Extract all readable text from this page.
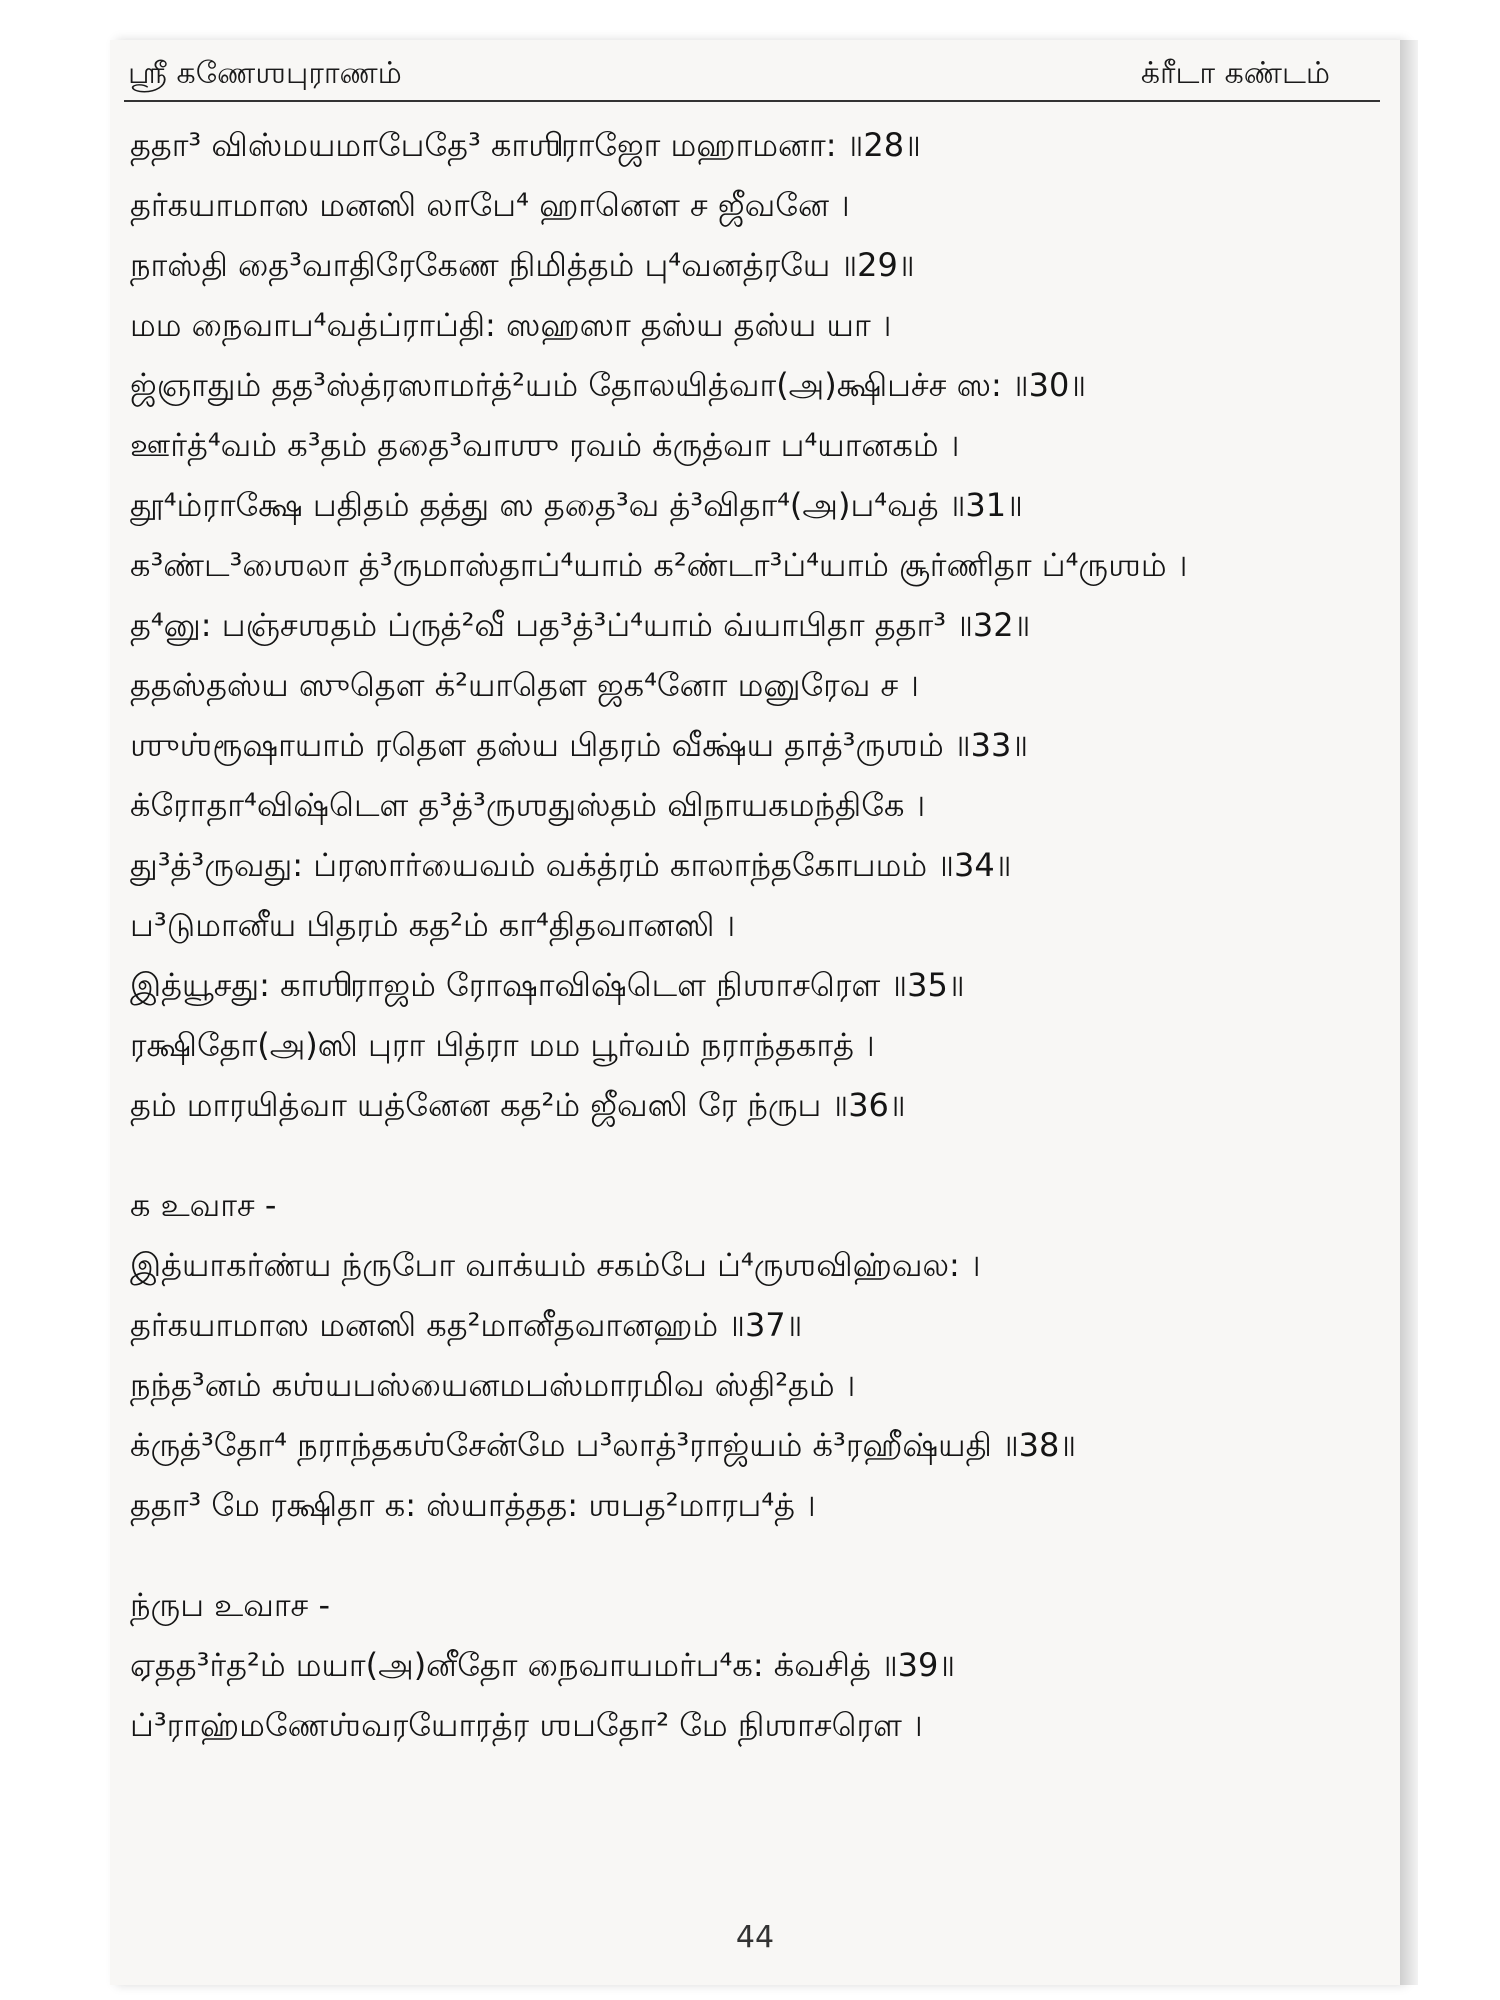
ஸ்ரீ கணேஶபுராணம்	க்ரீடா கண்டம்
ததா³ விஸ்மயமாபேதே³ காஶிராஜோ மஹாமனா꞉ ॥28॥
தர்கயாமாஸ மனஸி லாபே⁴ ஹானௌ ச ஜீவனே ।
நாஸ்தி தை³வாதிரேகேண நிமித்தம் பு⁴வனத்ரயே ॥29॥
மம நைவாப⁴வத்ப்ராப்தி꞉ ஸஹஸா தஸ்ய தஸ்ய யா ।
ஜ்ஞாதும் தத³ஸ்த்ரஸாமர்த்²யம் தோலயித்வா(அ)க்ஷிபச்ச ஸ꞉ ॥30॥
ஊர்த்⁴வம் க³தம் ததை³வாஶு ரவம் க்ருத்வா ப⁴யானகம் ।
தூ⁴ம்ராக்ஷே பதிதம் தத்து ஸ ததை³வ த்³விதா⁴(அ)ப⁴வத் ॥31॥
க³ண்ட³ஶைலா த்³ருமாஸ்தாப்⁴யாம் க²ண்டா³ப்⁴யாம் சூர்ணிதா ப்⁴ருஶம் ।
த⁴னு꞉ பஞ்சஶதம் ப்ருத்²வீ பத³த்³ப்⁴யாம் வ்யாபிதா ததா³ ॥32॥
ததஸ்தஸ்ய ஸுதௌ க்²யாதௌ ஜக⁴னோ மனுரேவ ச ।
ஶுஶ்ரூஷாயாம் ரதௌ தஸ்ய பிதரம் வீக்ஷ்ய தாத்³ருஶம் ॥33॥
க்ரோதா⁴விஷ்டௌ த³த்³ருஶதுஸ்தம் விநாயகமந்திகே ।
து³த்³ருவது꞉ ப்ரஸார்யைவம் வக்த்ரம் காலாந்தகோபமம் ॥34॥
ப³டுமானீய பிதரம் கத²ம் கா⁴திதவானஸி ।
இத்யூசது꞉ காஶிராஜம் ரோஷாவிஷ்டௌ நிஶாசரௌ ॥35॥
ரக்ஷிதோ(அ)ஸி புரா பித்ரா மம பூர்வம் நராந்தகாத் ।
தம் மாரயித்வா யத்னேன கத²ம் ஜீவஸி ரே ந்ருப ॥36॥
க உவாச -
இத்யாகர்ண்ய ந்ருபோ வாக்யம் சகம்பே ப்⁴ருஶவிஹ்வல꞉ ।
தர்கயாமாஸ மனஸி கத²மானீதவானஹம் ॥37॥
நந்த³னம் கஶ்யபஸ்யைனமபஸ்மாரமிவ ஸ்தி²தம் ।
க்ருத்³தோ⁴ நராந்தகஶ்சேன்மே ப³லாத்³ராஜ்யம் க்³ரஹீஷ்யதி ॥38॥
ததா³ மே ரக்ஷிதா க꞉ ஸ்யாத்தத꞉ ஶபத²மாரப⁴த் ।
ந்ருப உவாச -
ஏதத³ர்த²ம் மயா(அ)னீதோ நைவாயமர்ப⁴க꞉ க்வசித் ॥39॥
ப்³ராஹ்மணேஶ்வரயோரத்ர ஶபதோ² மே நிஶாசரௌ ।
44
